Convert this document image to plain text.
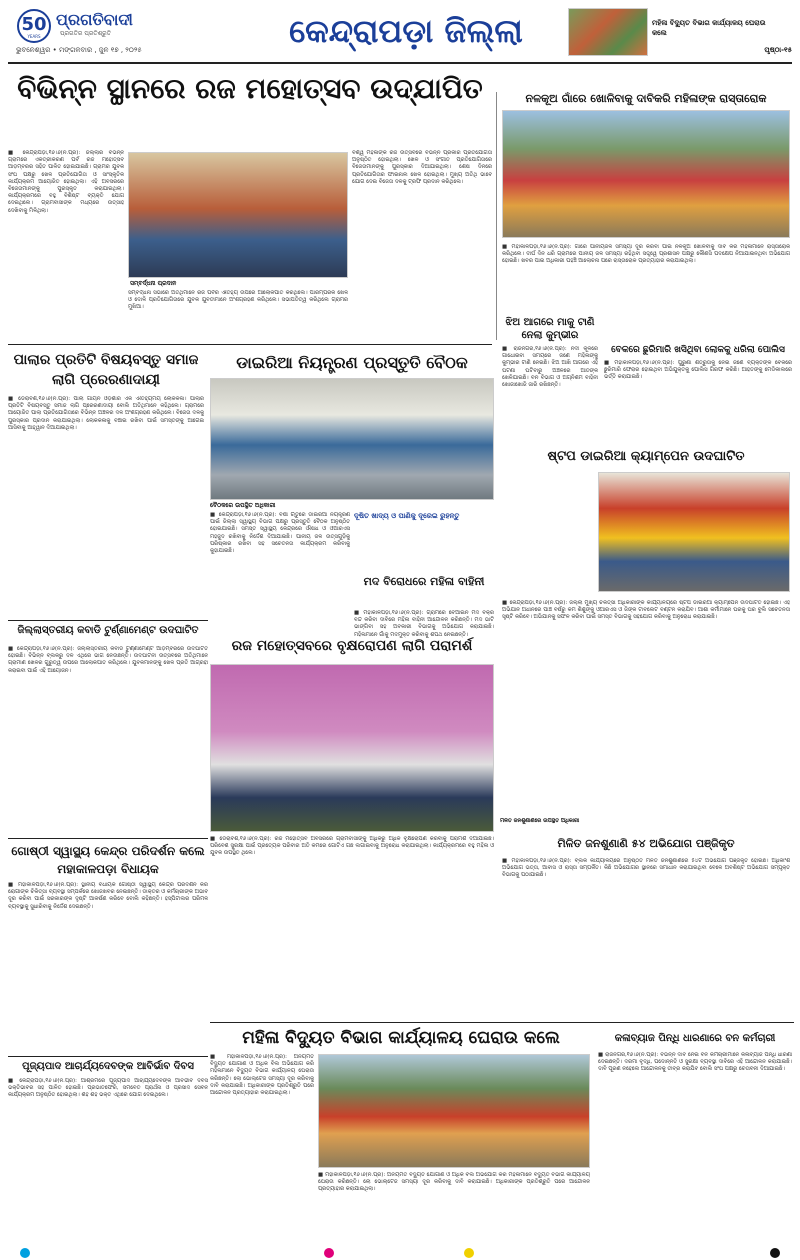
50
YEARS
ପ୍ରଗତିବାଦୀ
ପ୍ରଗତିର ପ୍ରତିଶ୍ରୁତି
ଭୁବନେଶ୍ୱର • ମଙ୍ଗଳବାର , ଜୁନ ୧୭ , ୨୦୨୫	କେନ୍ଦ୍ରାପଡ଼ା ଜିଲ୍ଲା	ମହିଳା ବିଦ୍ୟୁତ ବିଭାଗ କାର୍ଯ୍ୟାଳୟ ଘେରାଉ କଲେ
ପୃଷ୍ଠା-୧୫
ବିଭିନ୍ନ ସ୍ଥାନରେ ରଜ ମହୋତ୍ସବ ଉଦ୍‌ଯାପିତ
■ କେନ୍ଦ୍ରାପଡ଼ା,୧୬।୬(ନି.ପ୍ର): ଜିଲ୍ଲାର ବିଭିନ୍ନ ଗ୍ରାମରେ ଏକତ୍ରୀକରଣ ପର୍ବ ରଜ ମହୋତ୍ସବ ଆଡ଼ମ୍ବରର ସହିତ ପାଳିତ ହୋଇଯାଇଛି। ଗ୍ରାମର ଯୁବକ ସଂଘ ପକ୍ଷରୁ ଖେଳ ପ୍ରତିଯୋଗିତା ଓ ସାଂସ୍କୃତିକ କାର୍ଯ୍ୟକ୍ରମ ଆୟୋଜିତ ହୋଇଥିଲା। ଏହି ଅବସରରେ ବିଜେତାମାନଙ୍କୁ ପୁରସ୍କୃତ କରାଯାଇଥିଲା। କାର୍ଯ୍ୟକ୍ରମରେ ବହୁ ବିଶିଷ୍ଟ ବ୍ୟକ୍ତି ଯୋଗ ଦେଇଥିଲେ। ଗ୍ରାମବାସୀଙ୍କ ମଧ୍ୟରେ ଉତ୍ସାହ ଦେଖିବାକୁ ମିଳିଥିଲା।
ସମ୍ବର୍ଦ୍ଧନା ପ୍ରଦାନ
ସମ୍ବର୍ଦ୍ଧନା ସଭାରେ ଅତିଥିମାନେ ରଜ ପର୍ବର ଐତିହ୍ୟ ଉପରେ ଆଲୋକପାତ କରିଥିଲେ। ପାରମ୍ପରିକ ଖେଳ ଓ ଦୋଳି ପ୍ରତିଯୋଗିତାରେ ଯୁବକ ଯୁବତୀମାନେ ଅଂଶଗ୍ରହଣ କରିଥିଲେ। ସଭାପତିତ୍ୱ କରିଥିଲେ ଗ୍ରାମର ମୁଖିଆ।
ବିଶ୍ୱ ମହିଳାଙ୍କ ରଜ ଉତ୍ସବରେ ବିଭିନ୍ନ ପ୍ରକାର ପ୍ରତିଯୋଗିତା ଅନୁଷ୍ଠିତ ହୋଇଥିଲା। ଖେଳ ଓ ସଂଗୀତ ପ୍ରତିଯୋଗିତାରେ ବିଜେତାମାନଙ୍କୁ ପୁରସ୍କାର ଦିଆଯାଇଥିଲା। ଶେଷ ଦିନରେ ପ୍ରତିଯୋଗିତାର ଫାଇନାଲ ଖେଳ ହୋଇଥିଲା। ମୁଖ୍ୟ ଅତିଥି ଭାବେ ଯୋଗ ଦେଇ ବିଜେତା ଦଳକୁ ଟ୍ରଫି ପ୍ରଦାନ କରିଥିଲେ।
ନଳକୂଅ ଗାଁରେ ଖୋଳିବାକୁ ଦାବିକରି ମହିଳାଙ୍କ ରାସ୍ତାରୋକ
■ ମହାକାଳପଡ଼ା,୧୬।୬(ନି.ପ୍ର): ଗାଁରେ ପାନୀୟଜଳ ସମସ୍ୟା ଦୂର କରିବା ପାଇଁ ନଳକୂଅ ଖୋଳିବାକୁ ଦାବି କରି ମହିଳାମାନେ ରାସ୍ତାରୋକ କରିଥିଲେ। ଦୀର୍ଘ ଦିନ ଧରି ଗ୍ରାମରେ ପାନୀୟ ଜଳ ସମସ୍ୟା ରହିଥିବା ସତ୍ତ୍ୱେ ପ୍ରଶାସନ ପକ୍ଷରୁ କୌଣସି ପଦକ୍ଷେପ ନିଆଯାଇନଥିବା ଅଭିଯୋଗ ହୋଇଛି। ଖବର ପାଇ ଅଧିକାରୀ ପହଞ୍ଚି ଆଲୋଚନା ପରେ ରାସ୍ତାରୋକ ପ୍ରତ୍ୟାହାର କରାଯାଇଥିଲା।
ଝିଅ ଆଗରେ ମାକୁ ଟାଣି ନେଲା କୁମ୍ଭୀର
■ ରାଜନଗର,୧୬।୬(ନି.ପ୍ର): ନଦୀ କୂଳରେ ଗାଧୋଇବା ସମୟରେ ଜଣେ ମହିଳାଙ୍କୁ କୁମ୍ଭୀର ଟାଣି ନେଇଛି। ଝିଅ ଆଖି ଆଗରେ ଏହି ଘଟଣା ଘଟିବାରୁ ଅଞ୍ଚଳରେ ଆତଙ୍କ ଖେଳିଯାଇଛି। ବନ ବିଭାଗ ଓ ଅଗ୍ନିଶମ ବାହିନୀ ଖୋଜାଖୋଜି ଜାରି ରଖିଛନ୍ତି।
ବେକରେ ଛୁରିମାରି ଖସିଥିବା ଲୋକକୁ ଧରିଲା ପୋଲିସ
■ ମହାକାଳପଡ଼ା,୧୬।୬(ନି.ପ୍ର): ପୁରୁଣା ଶତ୍ରୁତାକୁ ନେଇ ଜଣେ ବ୍ୟକ୍ତିଙ୍କ ବେକରେ ଛୁରିମାରି ଫେରାର ହୋଇଥିବା ଅଭିଯୁକ୍ତକୁ ପୋଲିସ ଗିରଫ କରିଛି। ଆହତଙ୍କୁ ମେଡିକାଲରେ ଭର୍ତ୍ତି କରାଯାଇଛି।
ପାଲାର ପ୍ରତିଟି ବିଷୟବସ୍ତୁ ସମାଜ ଲାଗି ପ୍ରେରଣାଦାୟୀ
■ ଡେରାବିଶି,୧୬।୬(ନି.ପ୍ର): ପାଲା ଗାୟନ ଓଡ଼ିଶାର ଏକ ଐତିହ୍ୟମୟ ଲୋକକଳା। ପାଲାର ପ୍ରତିଟି ବିଷୟବସ୍ତୁ ସମାଜ ଲାଗି ପ୍ରେରଣାଦାୟୀ ବୋଲି ଅତିଥିମାନେ କହିଥିଲେ। ଗ୍ରାମରେ ଆୟୋଜିତ ପାଲା ପ୍ରତିଯୋଗିତାରେ ବିଭିନ୍ନ ଅଞ୍ଚଳର ଦଳ ଅଂଶଗ୍ରହଣ କରିଥିଲେ। ବିଜେତା ଦଳକୁ ପୁରସ୍କାର ପ୍ରଦାନ କରାଯାଇଥିଲା। ଲୋକକଳାକୁ ବଞ୍ଚାଇ ରଖିବା ପାଇଁ ସମସ୍ତଙ୍କୁ ଆଗେଇ ଆସିବାକୁ ଆହ୍ୱାନ ଦିଆଯାଇଥିଲା।
ଡାଇରିଆ ନିୟନ୍ତ୍ରଣ ପ୍ରସ୍ତୁତି ବୈଠକ
ବୈଠକରେ ଉପସ୍ଥିତ ଅଧିକାରୀ
■ କେନ୍ଦ୍ରାପଡ଼ା,୧୬।୬(ନି.ପ୍ର): ବର୍ଷା ଋତୁରେ ଡାଇରିଆ ନିୟନ୍ତ୍ରଣ ପାଇଁ ଜିଲ୍ଲା ସ୍ୱାସ୍ଥ୍ୟ ବିଭାଗ ପକ୍ଷରୁ ପ୍ରସ୍ତୁତି ବୈଠକ ଅନୁଷ୍ଠିତ ହୋଇଯାଇଛି। ସମସ୍ତ ସ୍ୱାସ୍ଥ୍ୟ କେନ୍ଦ୍ରରେ ଔଷଧ ଓ ଓଆରଏସ ମହଜୁଦ ରଖିବାକୁ ନିର୍ଦ୍ଦେଶ ଦିଆଯାଇଛି। ପାନୀୟ ଜଳ ଉତ୍ସଗୁଡ଼ିକୁ ପରିଷ୍କାର ରଖିବା ସହ ସଚେତନତା କାର୍ଯ୍ୟକ୍ରମ କରିବାକୁ କୁହାଯାଇଛି।
ଦୂଷିତ ଖାଦ୍ୟ ଓ ପାଣିକୁ ଦୂରେଇ ରୁହନ୍ତୁ
ମଦ ବିରୋଧରେ ମହିଳା ବାହିନୀ
■ ମହାକାଳପଡ଼ା,୧୬।୬(ନି.ପ୍ର): ଗ୍ରାମରେ ବେଆଇନ ମଦ ବିକ୍ରି ବନ୍ଦ କରିବା ଦାବିରେ ମହିଳା ବାହିନୀ ଆନ୍ଦୋଳନ କରିଛନ୍ତି। ମଦ ଭାଟି ଭାଙ୍ଗିବା ସହ ଅବକାରୀ ବିଭାଗକୁ ଅଭିଯୋଗ କରାଯାଇଛି। ମହିଳାମାନେ ଗାଁକୁ ମଦମୁକ୍ତ କରିବାକୁ ଶପଥ ନେଇଛନ୍ତି।
ଷ୍ଟପ ଡାଇରିଆ କ୍ୟାମ୍ପେନ ଉଦଘାଟିତ
■ କେନ୍ଦ୍ରାପଡ଼ା,୧୬।୬(ନି.ପ୍ର): ଜିଲ୍ଲା ମୁଖ୍ୟ ଚିକିତ୍ସା ଅଧିକାରୀଙ୍କ କାର୍ଯ୍ୟାଳୟରେ ଷ୍ଟପ ଡାଇରିଆ କ୍ୟାମ୍ପେନ ଉଦଘାଟିତ ହୋଇଛି। ଏହି ଅଭିଯାନ ଅଧୀନରେ ପାଞ୍ଚ ବର୍ଷରୁ କମ ଶିଶୁଙ୍କୁ ଓଆରଏସ ଓ ଜିଙ୍କ ଟାବଲେଟ ବଣ୍ଟନ କରାଯିବ। ଆଶା କର୍ମୀମାନେ ଘରକୁ ଘର ବୁଲି ସଚେତନତା ସୃଷ୍ଟି କରିବେ। ଅଭିଯାନକୁ ସଫଳ କରିବା ପାଇଁ ସମସ୍ତ ବିଭାଗକୁ ସହଯୋଗ କରିବାକୁ ଅନୁରୋଧ କରାଯାଇଛି।
ଜିଲ୍ଲାସ୍ତରୀୟ କବାଡି ଟୁର୍ଣ୍ଣାମେଣ୍ଟ ଉଦଘାଟିତ
■ କେନ୍ଦ୍ରାପଡ଼ା,୧୬।୬(ନି.ପ୍ର): ଜିଲ୍ଲାସ୍ତରୀୟ କବାଡି ଟୁର୍ଣ୍ଣାମେଣ୍ଟ ଆଡ଼ମ୍ବରରେ ଉଦଘାଟିତ ହୋଇଛି। ବିଭିନ୍ନ ବ୍ଲକରୁ ଦଳ ଏଥିରେ ଭାଗ ନେଉଛନ୍ତି। ଉଦଘାଟନୀ ଉତ୍ସବରେ ଅତିଥିମାନେ ଗ୍ରାମୀଣ ଖେଳର ଗୁରୁତ୍ୱ ଉପରେ ଆଲୋକପାତ କରିଥିଲେ। ଯୁବକମାନଙ୍କୁ ଖେଳ ପ୍ରତି ଆଗ୍ରହୀ କରାଇବା ପାଇଁ ଏହି ଆୟୋଜନ।
ରଜ ମହୋତ୍ସବରେ ବୃକ୍ଷରୋପଣ ଲାଗି ପରାମର୍ଶ
■ ଡେରାବିଶି,୧୬।୬(ନି.ପ୍ର): ରଜ ମହୋତ୍ସବ ଅବସରରେ ଗ୍ରାମବାସୀଙ୍କୁ ଅଧିକରୁ ଅଧିକ ବୃକ୍ଷରୋପଣ କରିବାକୁ ପରାମର୍ଶ ଦିଆଯାଇଛି। ପରିବେଶ ସୁରକ୍ଷା ପାଇଁ ପ୍ରତ୍ୟେକ ପରିବାର ଅତି କମରେ ଗୋଟିଏ ଗଛ ଲଗାଇବାକୁ ଅନୁରୋଧ କରାଯାଇଥିଲା। କାର୍ଯ୍ୟକ୍ରମରେ ବହୁ ମହିଳା ଓ ଯୁବକ ଉପସ୍ଥିତ ଥିଲେ।
ଗୋଷ୍ଠୀ ସ୍ୱାସ୍ଥ୍ୟ କେନ୍ଦ୍ର ପରିଦର୍ଶନ କଲେ ମହାକାଳପଡ଼ା ବିଧାୟକ
■ ମହାକାଳପଡ଼ା,୧୬।୬(ନି.ପ୍ର): ସ୍ଥାନୀୟ ବିଧାୟକ ଗୋଷ୍ଠୀ ସ୍ୱାସ୍ଥ୍ୟ କେନ୍ଦ୍ର ପରିଦର୍ଶନ କରି ରୋଗୀଙ୍କ ଚିକିତ୍ସା ବ୍ୟବସ୍ଥା ସମ୍ପର୍କରେ ଖୋଜଖବର ନେଇଛନ୍ତି। ଡାକ୍ତର ଓ କର୍ମଚାରୀଙ୍କ ଅଭାବ ଦୂର କରିବା ପାଇଁ ସରକାରଙ୍କ ଦୃଷ୍ଟି ଆକର୍ଷଣ କରିବେ ବୋଲି କହିଛନ୍ତି। ହସ୍ପିଟାଲର ପରିମଳ ବ୍ୟବସ୍ଥାକୁ ସୁଧାରିବାକୁ ନିର୍ଦ୍ଦେଶ ଦେଇଛନ୍ତି।
ମିଳିତ ଜନଶୁଣାଣି ୫୪ ଅଭିଯୋଗ ପଞ୍ଜିକୃତ
ମିଳିତ ଜନଶୁଣାଣିରେ ଉପସ୍ଥିତ ଅଧିକାରୀ
■ ମହାକାଳପଡ଼ା,୧୬।୬(ନି.ପ୍ର): ବ୍ଲକ କାର୍ଯ୍ୟାଳୟରେ ଅନୁଷ୍ଠିତ ମିଳିତ ଜନଶୁଣାଣିରେ ୫୪ଟି ଅଭିଯୋଗ ପଞ୍ଜିକୃତ ହୋଇଛି। ଅଧିକାଂଶ ଅଭିଯୋଗ ଭତ୍ତା, ଆବାସ ଓ ରାସ୍ତା ସମ୍ପର୍କିତ। କିଛି ଅଭିଯୋଗର ସ୍ଥାନରେ ସମାଧାନ କରାଯାଇଥିବା ବେଳେ ଅବଶିଷ୍ଟ ଅଭିଯୋଗ ସମ୍ପୃକ୍ତ ବିଭାଗକୁ ପଠାଯାଇଛି।
ମହିଳା ବିଦ୍ୟୁତ ବିଭାଗ କାର୍ଯ୍ୟାଳୟ ଘେରାଉ କଲେ
■ ମହାକାଳପଡ଼ା,୧୬।୬(ନି.ପ୍ର): ଅନିୟମିତ ବିଦ୍ୟୁତ ଯୋଗାଣ ଓ ଅଧିକ ବିଲ ଅଭିଯୋଗ କରି ମହିଳାମାନେ ବିଦ୍ୟୁତ ବିଭାଗ କାର୍ଯ୍ୟାଳୟ ଘେରାଉ କରିଛନ୍ତି। ଲୋ ଭୋଲ୍ଟେଜ ସମସ୍ୟା ଦୂର କରିବାକୁ ଦାବି କରାଯାଇଛି। ଅଧିକାରୀଙ୍କ ପ୍ରତିଶ୍ରୁତି ପରେ ଆନ୍ଦୋଳନ ପ୍ରତ୍ୟାହାର କରାଯାଇଥିଲା।
■ ମହାକାଳପଡ଼ା,୧୬।୬(ନି.ପ୍ର): ଅନିୟମିତ ବିଦ୍ୟୁତ ଯୋଗାଣ ଓ ଅଧିକ ବିଲ ଅଭିଯୋଗ କରି ମହିଳାମାନେ ବିଦ୍ୟୁତ ବିଭାଗ କାର୍ଯ୍ୟାଳୟ ଘେରାଉ କରିଛନ୍ତି। ଲୋ ଭୋଲ୍ଟେଜ ସମସ୍ୟା ଦୂର କରିବାକୁ ଦାବି କରାଯାଇଛି। ଅଧିକାରୀଙ୍କ ପ୍ରତିଶ୍ରୁତି ପରେ ଆନ୍ଦୋଳନ ପ୍ରତ୍ୟାହାର କରାଯାଇଥିଲା।
ପୂଜ୍ୟପାଦ ଆଚାର୍ଯ୍ୟଦେବଙ୍କ ଆବିର୍ଭାବ ଦିବସ
■ କେନ୍ଦ୍ରାପଡ଼ା,୧୬।୬(ନି.ପ୍ର): ଆଶ୍ରମରେ ପୂଜ୍ୟପାଦ ଆଚାର୍ଯ୍ୟଦେବଙ୍କ ଆବିର୍ଭାବ ଦିବସ ଭକ୍ତିଭାବର ସହ ପାଳିତ ହୋଇଛି। ପ୍ରଭାତଫେରି, ସମବେତ ପ୍ରାର୍ଥନା ଓ ପ୍ରସାଦ ସେବନ କାର୍ଯ୍ୟକ୍ରମ ଅନୁଷ୍ଠିତ ହୋଇଥିଲା। ଶହ ଶହ ଭକ୍ତ ଏଥିରେ ଯୋଗ ଦେଇଥିଲେ।
କଳାବ୍ୟାଜ ପିନ୍ଧି ଧାରଣାରେ ବନ କର୍ମଚାରୀ
■ ରାଜନଗର,୧୬।୬(ନି.ପ୍ର): ବିଭିନ୍ନ ଦାବି ନେଇ ବନ କର୍ମଚାରୀମାନେ କଳାବ୍ୟାଜ ପିନ୍ଧି ଧାରଣା ଦେଇଛନ୍ତି। ଦରମା ବୃଦ୍ଧି, ପଦୋନ୍ନତି ଓ ସୁରକ୍ଷା ବ୍ୟବସ୍ଥା ଦାବିରେ ଏହି ଆନ୍ଦୋଳନ କରାଯାଇଛି। ଦାବି ପୂରଣ ନହେଲେ ଆନ୍ଦୋଳନକୁ ତୀବ୍ର କରାଯିବ ବୋଲି ସଂଘ ପକ୍ଷରୁ ଚେତାବନୀ ଦିଆଯାଇଛି।
